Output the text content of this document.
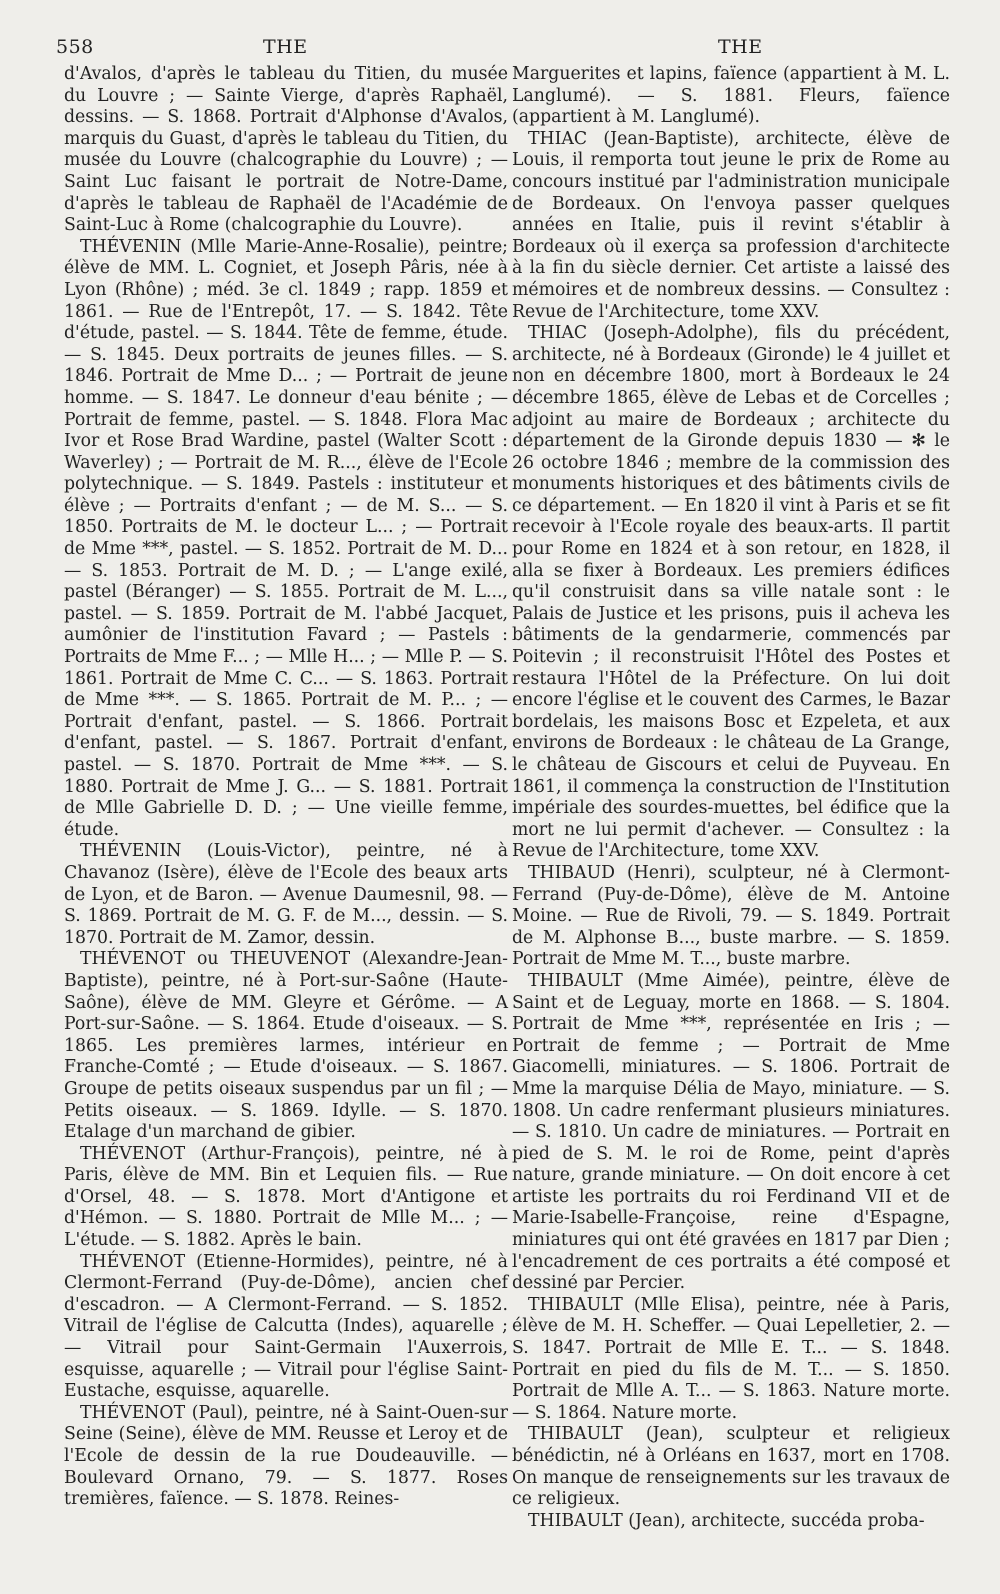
558	THE	THE

d'Avalos, d'après le tableau du Titien, du musée du Louvre ; — Sainte Vierge, d'après Raphaël, dessins. — S. 1868. Portrait d'Alphonse d'Avalos, marquis du Guast, d'après le tableau du Titien, du musée du Louvre (chalcographie du Louvre) ; — Saint Luc faisant le portrait de Notre-Dame, d'après le tableau de Raphaël de l'Académie de Saint-Luc à Rome (chalcographie du Louvre).

THÉVENIN (Mlle Marie-Anne-Rosalie), peintre; élève de MM. L. Cogniet, et Joseph Pâris, née à Lyon (Rhône) ; méd. 3e cl. 1849 ; rapp. 1859 et 1861. — Rue de l'Entrepôt, 17. — S. 1842. Tête d'étude, pastel. — S. 1844. Tête de femme, étude. — S. 1845. Deux portraits de jeunes filles. — S. 1846. Portrait de Mme D... ; — Portrait de jeune homme. — S. 1847. Le donneur d'eau bénite ; — Portrait de femme, pastel. — S. 1848. Flora Mac Ivor et Rose Brad Wardine, pastel (Walter Scott : Waverley) ; — Portrait de M. R..., élève de l'Ecole polytechnique. — S. 1849. Pastels : instituteur et élève ; — Portraits d'enfant ; — de M. S... — S. 1850. Portraits de M. le docteur L... ; — Portrait de Mme ***, pastel. — S. 1852. Portrait de M. D... — S. 1853. Portrait de M. D. ; — L'ange exilé, pastel (Béranger) — S. 1855. Portrait de M. L..., pastel. — S. 1859. Portrait de M. l'abbé Jacquet, aumônier de l'institution Favard ; — Pastels : Portraits de Mme F... ; — Mlle H... ; — Mlle P. — S. 1861. Portrait de Mme C. C... — S. 1863. Portrait de Mme ***. — S. 1865. Portrait de M. P... ; — Portrait d'enfant, pastel. — S. 1866. Portrait d'enfant, pastel. — S. 1867. Portrait d'enfant, pastel. — S. 1870. Portrait de Mme ***. — S. 1880. Portrait de Mme J. G... — S. 1881. Portrait de Mlle Gabrielle D. D. ; — Une vieille femme, étude.

THÉVENIN (Louis-Victor), peintre, né à Chavanoz (Isère), élève de l'Ecole des beaux arts de Lyon, et de Baron. — Avenue Daumesnil, 98. — S. 1869. Portrait de M. G. F. de M..., dessin. — S. 1870. Portrait de M. Zamor, dessin.

THÉVENOT ou THEUVENOT (Alexandre-Jean-Baptiste), peintre, né à Port-sur-Saône (Haute-Saône), élève de MM. Gleyre et Gérôme. — A Port-sur-Saône. — S. 1864. Etude d'oiseaux. — S. 1865. Les premières larmes, intérieur en Franche-Comté ; — Etude d'oiseaux. — S. 1867. Groupe de petits oiseaux suspendus par un fil ; — Petits oiseaux. — S. 1869. Idylle. — S. 1870. Etalage d'un marchand de gibier.

THÉVENOT (Arthur-François), peintre, né à Paris, élève de MM. Bin et Lequien fils. — Rue d'Orsel, 48. — S. 1878. Mort d'Antigone et d'Hémon. — S. 1880. Portrait de Mlle M... ; — L'étude. — S. 1882. Après le bain.

THÉVENOT (Etienne-Hormides), peintre, né à Clermont-Ferrand (Puy-de-Dôme), ancien chef d'escadron. — A Clermont-Ferrand. — S. 1852. Vitrail de l'église de Calcutta (Indes), aquarelle ; — Vitrail pour Saint-Germain l'Auxerrois, esquisse, aquarelle ; — Vitrail pour l'église Saint-Eustache, esquisse, aquarelle.

THÉVENOT (Paul), peintre, né à Saint-Ouen-sur Seine (Seine), élève de MM. Reusse et Leroy et de l'Ecole de dessin de la rue Doudeauville. — Boulevard Ornano, 79. — S. 1877. Roses tremières, faïence. — S. 1878. Reines-

Marguerites et lapins, faïence (appartient à M. L. Langlumé). — S. 1881. Fleurs, faïence (appartient à M. Langlumé).

THIAC (Jean-Baptiste), architecte, élève de Louis, il remporta tout jeune le prix de Rome au concours institué par l'administration municipale de Bordeaux. On l'envoya passer quelques années en Italie, puis il revint s'établir à Bordeaux où il exerça sa profession d'architecte à la fin du siècle dernier. Cet artiste a laissé des mémoires et de nombreux dessins. — Consultez : Revue de l'Architecture, tome XXV.

THIAC (Joseph-Adolphe), fils du précédent, architecte, né à Bordeaux (Gironde) le 4 juillet et non en décembre 1800, mort à Bordeaux le 24 décembre 1865, élève de Lebas et de Corcelles ; adjoint au maire de Bordeaux ; architecte du département de la Gironde depuis 1830 — ✻ le 26 octobre 1846 ; membre de la commission des monuments historiques et des bâtiments civils de ce département. — En 1820 il vint à Paris et se fit recevoir à l'Ecole royale des beaux-arts. Il partit pour Rome en 1824 et à son retour, en 1828, il alla se fixer à Bordeaux. Les premiers édifices qu'il construisit dans sa ville natale sont : le Palais de Justice et les prisons, puis il acheva les bâtiments de la gendarmerie, commencés par Poitevin ; il reconstruisit l'Hôtel des Postes et restaura l'Hôtel de la Préfecture. On lui doit encore l'église et le couvent des Carmes, le Bazar bordelais, les maisons Bosc et Ezpeleta, et aux environs de Bordeaux : le château de La Grange, le château de Giscours et celui de Puyveau. En 1861, il commença la construction de l'Institution impériale des sourdes-muettes, bel édifice que la mort ne lui permit d'achever. — Consultez : la Revue de l'Architecture, tome XXV.

THIBAUD (Henri), sculpteur, né à Clermont-Ferrand (Puy-de-Dôme), élève de M. Antoine Moine. — Rue de Rivoli, 79. — S. 1849. Portrait de M. Alphonse B..., buste marbre. — S. 1859. Portrait de Mme M. T..., buste marbre.

THIBAULT (Mme Aimée), peintre, élève de Saint et de Leguay, morte en 1868. — S. 1804. Portrait de Mme ***, représentée en Iris ; — Portrait de femme ; — Portrait de Mme Giacomelli, miniatures. — S. 1806. Portrait de Mme la marquise Délia de Mayo, miniature. — S. 1808. Un cadre renfermant plusieurs miniatures. — S. 1810. Un cadre de miniatures. — Portrait en pied de S. M. le roi de Rome, peint d'après nature, grande miniature. — On doit encore à cet artiste les portraits du roi Ferdinand VII et de Marie-Isabelle-Françoise, reine d'Espagne, miniatures qui ont été gravées en 1817 par Dien ; l'encadrement de ces portraits a été composé et dessiné par Percier.

THIBAULT (Mlle Elisa), peintre, née à Paris, élève de M. H. Scheffer. — Quai Lepelletier, 2. — S. 1847. Portrait de Mlle E. T... — S. 1848. Portrait en pied du fils de M. T... — S. 1850. Portrait de Mlle A. T... — S. 1863. Nature morte. — S. 1864. Nature morte.

THIBAULT (Jean), sculpteur et religieux bénédictin, né à Orléans en 1637, mort en 1708. On manque de renseignements sur les travaux de ce religieux.

THIBAULT (Jean), architecte, succéda proba-
